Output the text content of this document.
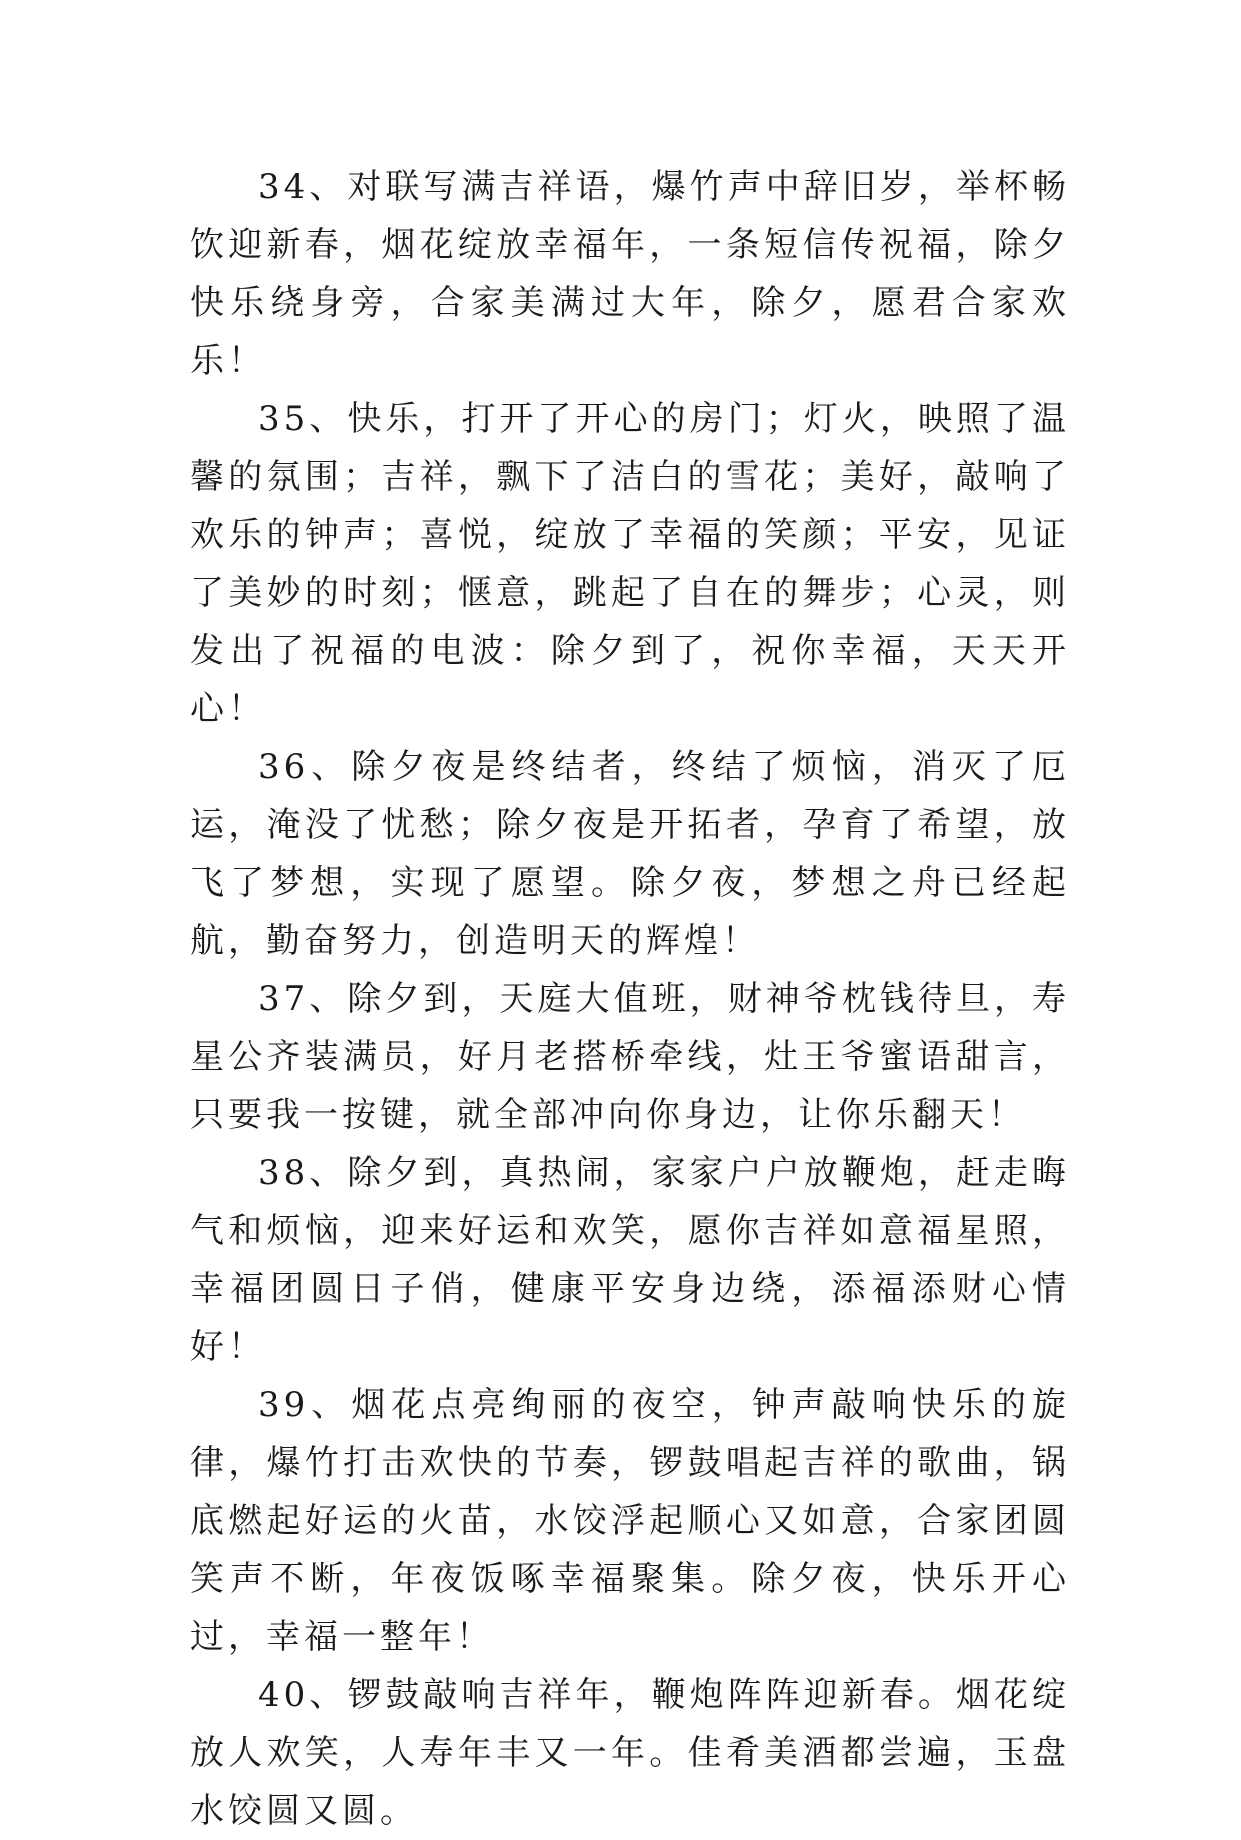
34、对联写满吉祥语，爆竹声中辞旧岁，举杯畅饮迎新春，烟花绽放幸福年，一条短信传祝福，除夕快乐绕身旁，合家美满过大年，除夕，愿君合家欢乐！

35、快乐，打开了开心的房门；灯火，映照了温馨的氛围；吉祥，飘下了洁白的雪花；美好，敲响了欢乐的钟声；喜悦，绽放了幸福的笑颜；平安，见证了美妙的时刻；惬意，跳起了自在的舞步；心灵，则发出了祝福的电波：除夕到了，祝你幸福，天天开心！

36、除夕夜是终结者，终结了烦恼，消灭了厄运，淹没了忧愁；除夕夜是开拓者，孕育了希望，放飞了梦想，实现了愿望。除夕夜，梦想之舟已经起航，勤奋努力，创造明天的辉煌！

37、除夕到，天庭大值班，财神爷枕钱待旦，寿星公齐装满员，好月老搭桥牵线，灶王爷蜜语甜言，只要我一按键，就全部冲向你身边，让你乐翻天！

38、除夕到，真热闹，家家户户放鞭炮，赶走晦气和烦恼，迎来好运和欢笑，愿你吉祥如意福星照，幸福团圆日子俏，健康平安身边绕，添福添财心情好！

39、烟花点亮绚丽的夜空，钟声敲响快乐的旋律，爆竹打击欢快的节奏，锣鼓唱起吉祥的歌曲，锅底燃起好运的火苗，水饺浮起顺心又如意，合家团圆笑声不断，年夜饭啄幸福聚集。除夕夜，快乐开心过，幸福一整年！

40、锣鼓敲响吉祥年，鞭炮阵阵迎新春。烟花绽放人欢笑，人寿年丰又一年。佳肴美酒都尝遍，玉盘水饺圆又圆。
